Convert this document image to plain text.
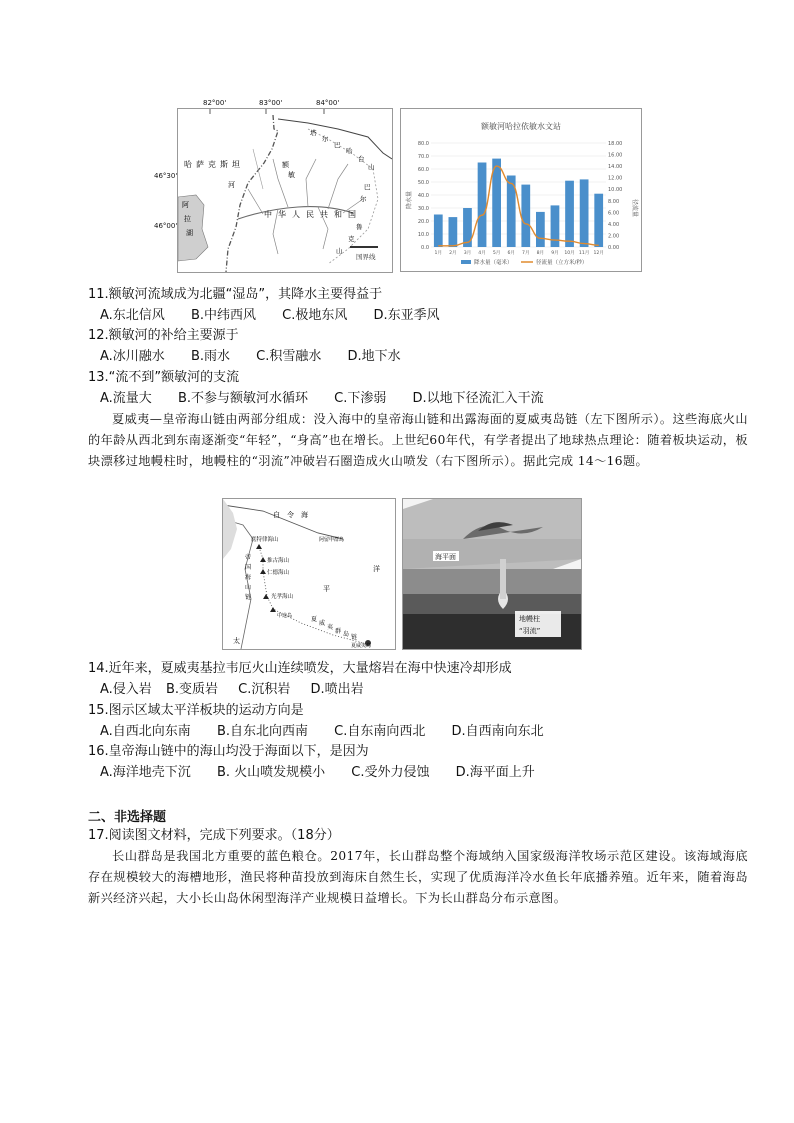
国界线
哈 萨 克 斯 坦
河
额
敏
中 华 人 民 共 和 国
阿
拉
湖
塔
尔
巴
哈
台
山
巴
尔
鲁
克
山
82°00'	83°00'	84°00'
46°30'
46°00'
额敏河哈拉依敏水文站
0.0
10.0
20.0
30.0
40.0
50.0
60.0
70.0
80.0
0.00
2.00
4.00
6.00
8.00
10.00
12.00
14.00
16.00
18.00
1月 2月 3月 4月 5月 6月 7月 8月 9月 10月 11月 12月
降水量	径流量
降水量（毫米）	径流量（立方米/秒）
11.额敏河流域成为北疆“湿岛”，其降水主要得益于
A.东北信风 B.中纬西风 C.极地东风 D.东亚季风
12.额敏河的补给主要源于
A.冰川融水 B.雨水 C.积雪融水 D.地下水
13.“流不到”额敏河的支流
A.流量大 B.不参与额敏河水循环 C.下渗弱 D.以地下径流汇入干流
夏威夷—皇帝海山链由两部分组成：没入海中的皇帝海山链和出露海面的夏威夷岛链（左下图所示）。这些海底火山的年龄从西北到东南逐渐变“年轻”，“身高”也在增长。上世纪60年代，有学者提出了地球热点理论：随着板块运动，板块漂移过地幔柱时，地幔柱的“羽流”冲破岩石圈造成火山喷发（右下图所示）。据此完成 14～16题。
白 令 海
阿留申群岛
底特律海山
推古海山
仁德海山
帝
国
海
山
链	光孝海山
中途岛	夏
威
夷
群 岛 链
夏威夷岛
洋
平
太
海平面
地幔柱
“羽流”
14.近年来，夏威夷基拉韦厄火山连续喷发，大量熔岩在海中快速冷却形成
A.侵入岩 B.变质岩 C.沉积岩 D.喷出岩
15.图示区域太平洋板块的运动方向是
A.自西北向东南 B.自东北向西南 C.自东南向西北 D.自西南向东北
16.皇帝海山链中的海山均没于海面以下，是因为
A.海洋地壳下沉 B. 火山喷发规模小 C.受外力侵蚀 D.海平面上升
二、非选择题
17.阅读图文材料，完成下列要求。（18分）
长山群岛是我国北方重要的蓝色粮仓。2017年，长山群岛整个海域纳入国家级海洋牧场示范区建设。该海域海底存在规模较大的海槽地形，渔民将种苗投放到海床自然生长，实现了优质海洋冷水鱼长年底播养殖。近年来，随着海岛新兴经济兴起，大小长山岛休闲型海洋产业规模日益增长。下为长山群岛分布示意图。
